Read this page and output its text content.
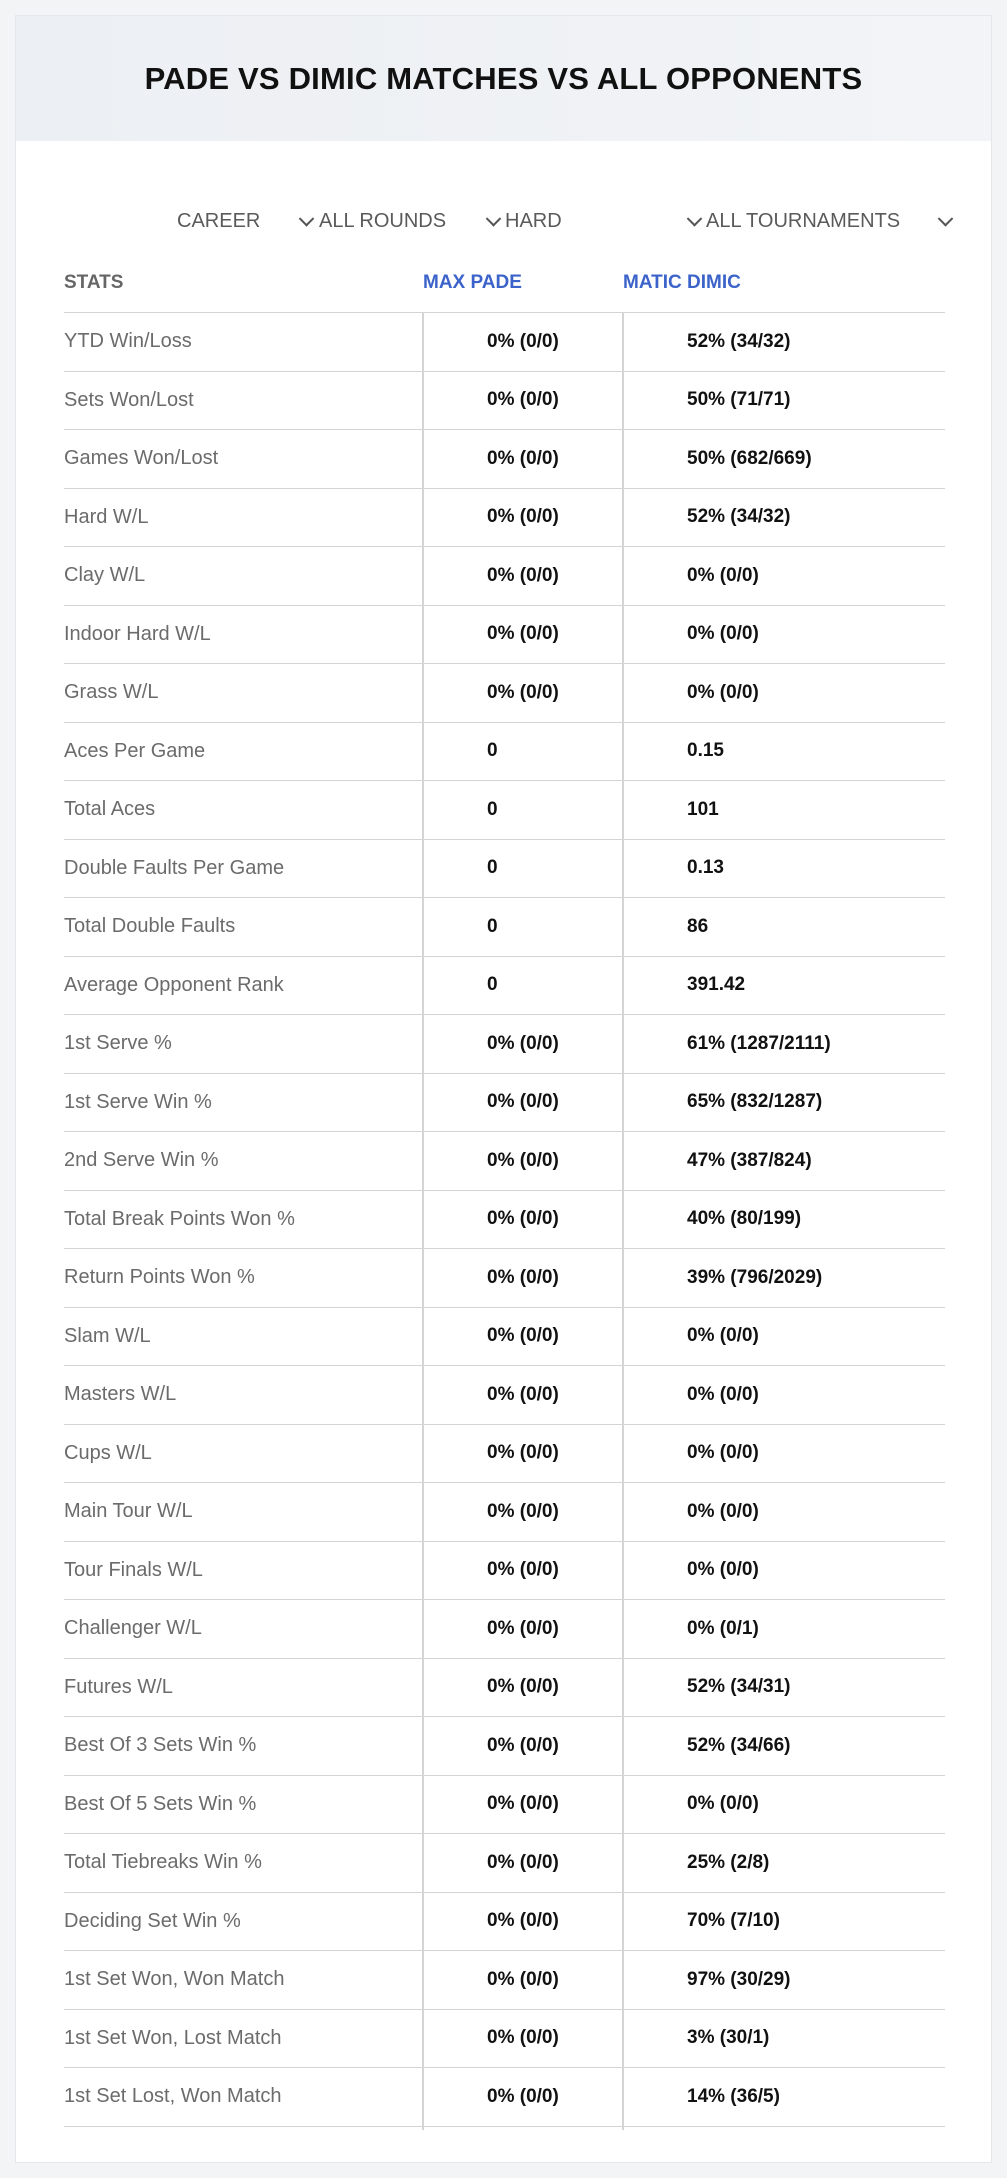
PADE VS DIMIC MATCHES VS ALL OPPONENTS
CAREER	ALL ROUNDS	HARD	ALL TOURNAMENTS
STATS	MAX PADE	MATIC DIMIC
YTD Win/Loss	0% (0/0)	52% (34/32)
Sets Won/Lost	0% (0/0)	50% (71/71)
Games Won/Lost	0% (0/0)	50% (682/669)
Hard W/L	0% (0/0)	52% (34/32)
Clay W/L	0% (0/0)	0% (0/0)
Indoor Hard W/L	0% (0/0)	0% (0/0)
Grass W/L	0% (0/0)	0% (0/0)
Aces Per Game	0	0.15
Total Aces	0	101
Double Faults Per Game	0	0.13
Total Double Faults	0	86
Average Opponent Rank	0	391.42
1st Serve %	0% (0/0)	61% (1287/2111)
1st Serve Win %	0% (0/0)	65% (832/1287)
2nd Serve Win %	0% (0/0)	47% (387/824)
Total Break Points Won %	0% (0/0)	40% (80/199)
Return Points Won %	0% (0/0)	39% (796/2029)
Slam W/L	0% (0/0)	0% (0/0)
Masters W/L	0% (0/0)	0% (0/0)
Cups W/L	0% (0/0)	0% (0/0)
Main Tour W/L	0% (0/0)	0% (0/0)
Tour Finals W/L	0% (0/0)	0% (0/0)
Challenger W/L	0% (0/0)	0% (0/1)
Futures W/L	0% (0/0)	52% (34/31)
Best Of 3 Sets Win %	0% (0/0)	52% (34/66)
Best Of 5 Sets Win %	0% (0/0)	0% (0/0)
Total Tiebreaks Win %	0% (0/0)	25% (2/8)
Deciding Set Win %	0% (0/0)	70% (7/10)
1st Set Won, Won Match	0% (0/0)	97% (30/29)
1st Set Won, Lost Match	0% (0/0)	3% (30/1)
1st Set Lost, Won Match	0% (0/0)	14% (36/5)
